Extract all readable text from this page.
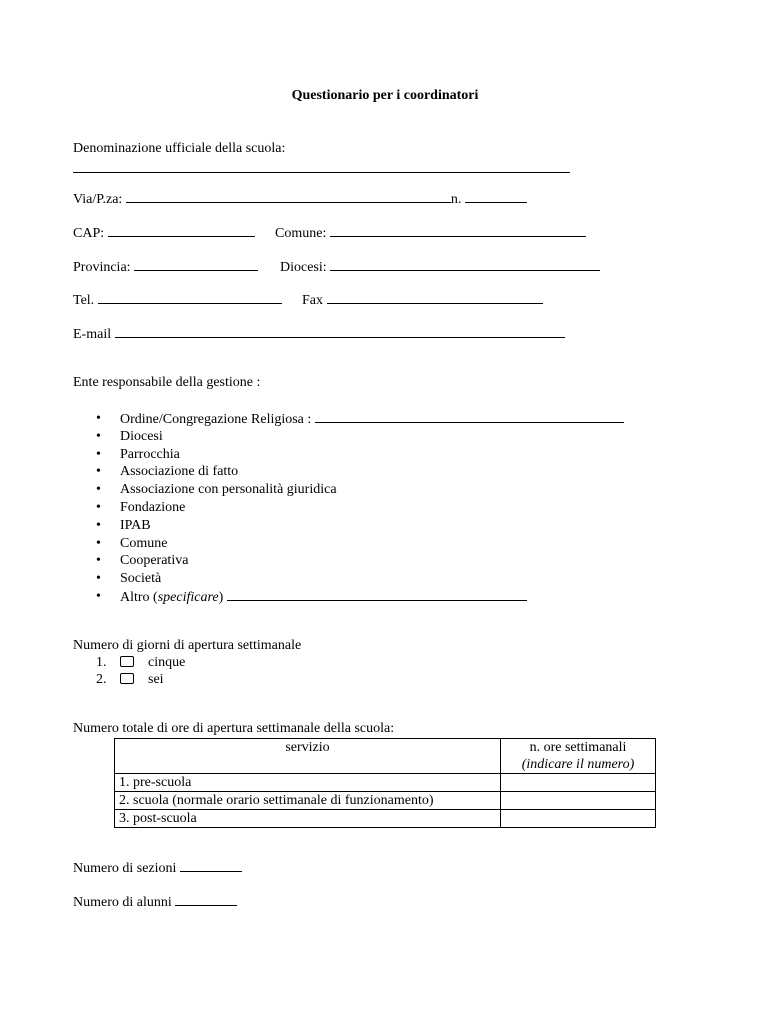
Questionario per i coordinatori
Denominazione ufficiale della scuola:
Via/P.za:	n.
CAP:	Comune:
Provincia:	Diocesi:
Tel.	Fax
E-mail
Ente responsabile della gestione :
• Ordine/Congregazione Religiosa :
• Diocesi
• Parrocchia
• Associazione di fatto
• Associazione con personalità giuridica
• Fondazione
• IPAB
• Comune
• Cooperativa
• Società
• Altro (specificare)
Numero di giorni di apertura settimanale
1.	cinque
2.	sei
Numero totale di ore di apertura settimanale della scuola:
servizio	n. ore settimanali
(indicare il numero)

1. pre-scuola	
2. scuola (normale orario settimanale di funzionamento)	
3. post-scuola	
Numero di sezioni
Numero di alunni
